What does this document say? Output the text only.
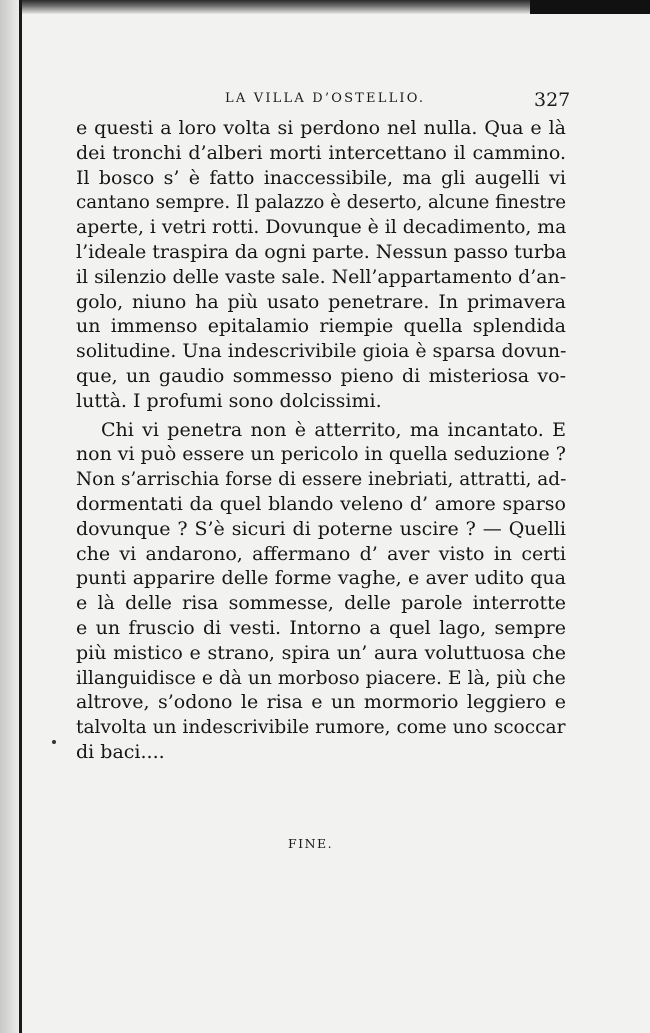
LA VILLA D’OSTELLIO.	327
e questi a loro volta si perdono nel nulla. Qua e là
dei tronchi d’alberi morti intercettano il cammino.
Il bosco s’ è fatto inaccessibile, ma gli augelli vi
cantano sempre. Il palazzo è deserto, alcune finestre
aperte, i vetri rotti. Dovunque è il decadimento, ma
l’ideale traspira da ogni parte. Nessun passo turba
il silenzio delle vaste sale. Nell’appartamento d’an-
golo, niuno ha più usato penetrare. In primavera
un immenso epitalamio riempie quella splendida
solitudine. Una indescrivibile gioia è sparsa dovun-
que, un gaudio sommesso pieno di misteriosa vo-
luttà. I profumi sono dolcissimi.
Chi vi penetra non è atterrito, ma incantato. E
non vi può essere un pericolo in quella seduzione ?
Non s’arrischia forse di essere inebriati, attratti, ad-
dormentati da quel blando veleno d’ amore sparso
dovunque ? S’è sicuri di poterne uscire ? — Quelli
che vi andarono, affermano d’ aver visto in certi
punti apparire delle forme vaghe, e aver udito qua
e là delle risa sommesse, delle parole interrotte
e un fruscio di vesti. Intorno a quel lago, sempre
più mistico e strano, spira un’ aura voluttuosa che
illanguidisce e dà un morboso piacere. E là, più che
altrove, s’odono le risa e un mormorio leggiero e
talvolta un indescrivibile rumore, come uno scoccar
di baci....
FINE.
